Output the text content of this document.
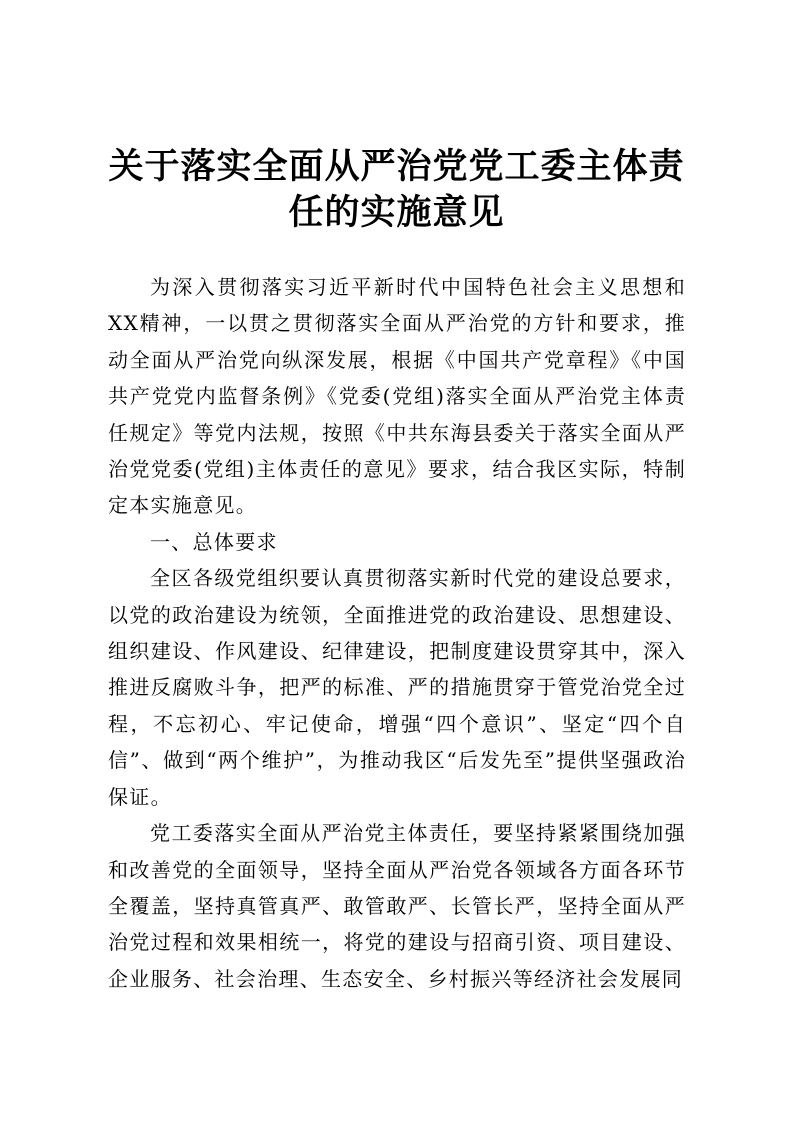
关于落实全面从严治党党工委主体责任的实施意见

为深入贯彻落实习近平新时代中国特色社会主义思想和XX精神，一以贯之贯彻落实全面从严治党的方针和要求，推动全面从严治党向纵深发展，根据《中国共产党章程》《中国共产党党内监督条例》《党委(党组)落实全面从严治党主体责任规定》等党内法规，按照《中共东海县委关于落实全面从严治党党委(党组)主体责任的意见》要求，结合我区实际，特制定本实施意见。

一、总体要求

全区各级党组织要认真贯彻落实新时代党的建设总要求，以党的政治建设为统领，全面推进党的政治建设、思想建设、组织建设、作风建设、纪律建设，把制度建设贯穿其中，深入推进反腐败斗争，把严的标准、严的措施贯穿于管党治党全过程，不忘初心、牢记使命，增强“四个意识”、坚定“四个自信”、做到“两个维护”，为推动我区“后发先至”提供坚强政治保证。

党工委落实全面从严治党主体责任，要坚持紧紧围绕加强和改善党的全面领导，坚持全面从严治党各领域各方面各环节全覆盖，坚持真管真严、敢管敢严、长管长严，坚持全面从严治党过程和效果相统一，将党的建设与招商引资、项目建设、企业服务、社会治理、生态安全、乡村振兴等经济社会发展同
